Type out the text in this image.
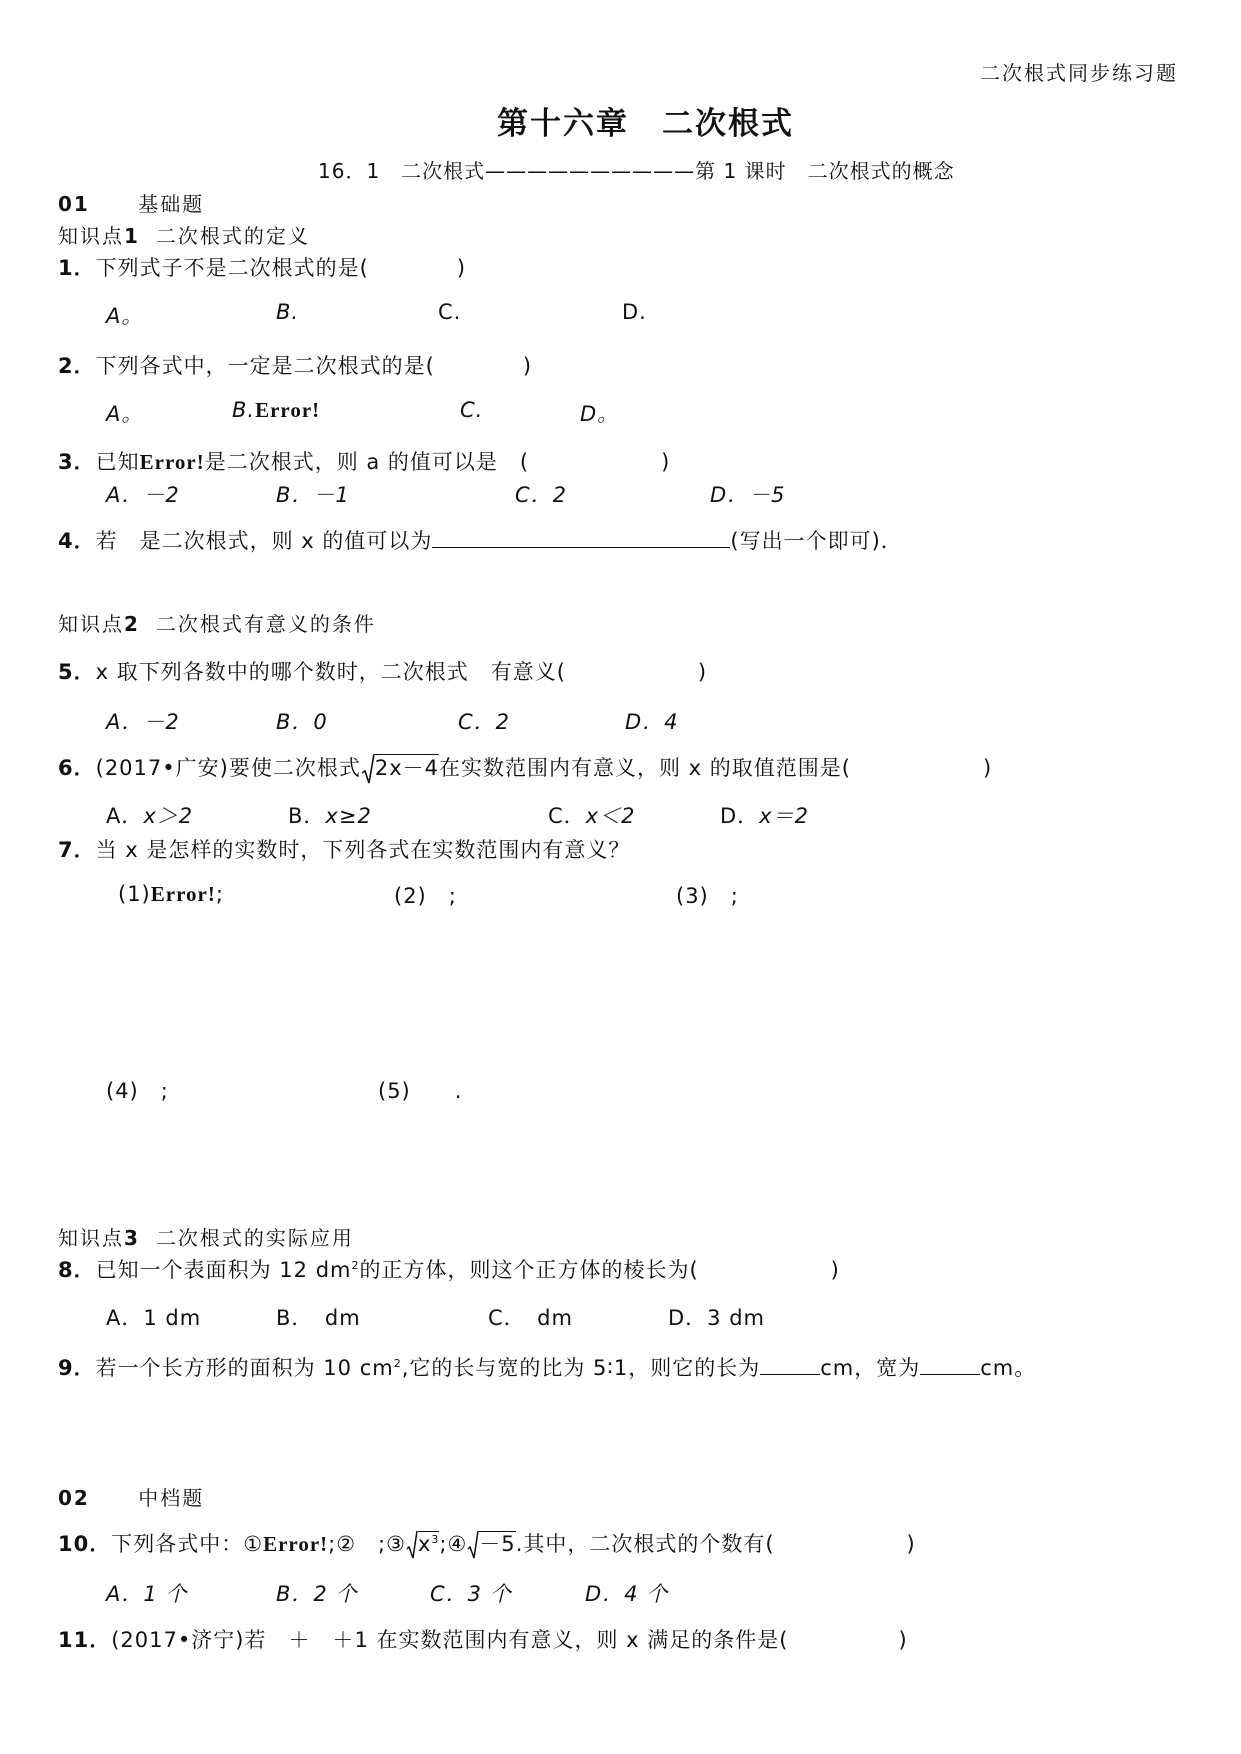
二次根式同步练习题
第十六章　二次根式
16．1　二次根式——————————第 1 课时　二次根式的概念
01 基础题
知识点1 二次根式的定义
1．下列式子不是二次根式的是(　　　　)
A。	B.	C.	D.
2．下列各式中，一定是二次根式的是(　　　　)
A。	B.Error!	C.	D。
3．已知Error!是二次根式，则 a 的值可以是　(　　　　　　)
A．－2	B．－1	C．2	D．－5
4．若　是二次根式，则 x 的值可以为	(写出一个即可)．
知识点2 二次根式有意义的条件
5．x 取下列各数中的哪个数时，二次根式　有意义(　　　　　　)
A．－2	B．0	C．2	D．4
6．(2017•广安)要使二次根式 2x－4在实数范围内有意义，则 x 的取值范围是(　　　　　　)
A．x＞2	B．x≥2	C．x＜2	D．x＝2
7．当 x 是怎样的实数时，下列各式在实数范围内有意义？
(1)Error!;	(2)　;	(3)　;
(4)　;	(5)　　.
知识点3 二次根式的实际应用
8．已知一个表面积为 12 $dm^2$的正方体，则这个正方体的棱长为(　　　　　　)
A．1 dm	B．　dm	C．　dm	D．3 dm
9．若一个长方形的面积为 10 $cm^2$,它的长与宽的比为 5∶1，则它的长为	cm，宽为	cm。
02 中档题
10．下列各式中：①Error!;②　;③ $x^3;④ -5$.其中，二次根式的个数有(　　　　　　)
A．1 个	B．2 个	C．3 个	D．4 个
11．(2017•济宁)若　＋　＋1 在实数范围内有意义，则 x 满足的条件是(　　　　　)
